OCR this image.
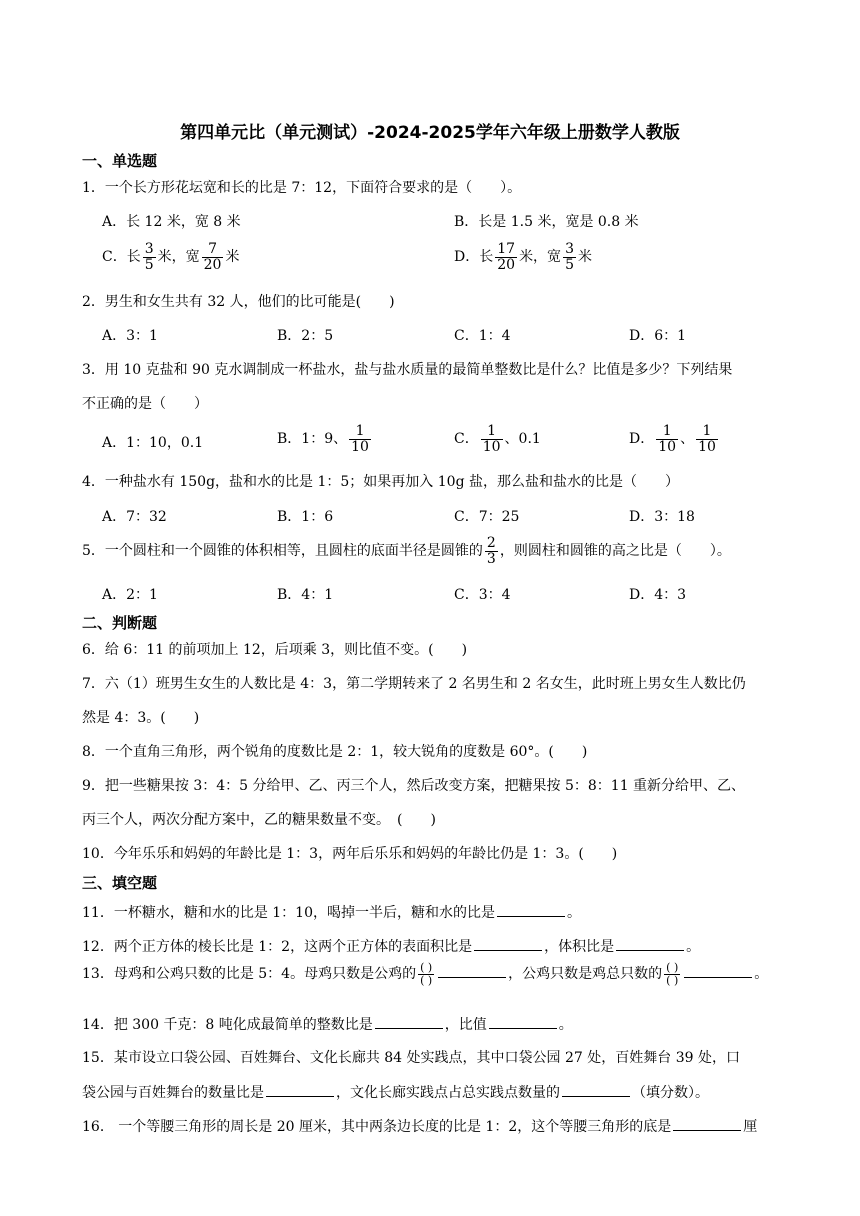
第四单元比（单元测试）-2024-2025学年六年级上册数学人教版
一、单选题
1．一个长方形花坛宽和长的比是 7：12，下面符合要求的是（　　）。
A．长 12 米，宽 8 米	B．长是 1.5 米，宽是 0.8 米
C．长 $\frac{3}{5}$ 米，宽 $\frac{7}{20}$ 米	D．长 $\frac{17}{20}$ 米，宽 $\frac{3}{5}$ 米
2．男生和女生共有 32 人，他们的比可能是(　　)
A．3：1	B．2：5	C．1：4	D．6：1
3．用 10 克盐和 90 克水调制成一杯盐水，盐与盐水质量的最简单整数比是什么？比值是多少？下列结果
不正确的是（　　）
A．1：10，0.1	B．1：9、 $\frac{1}{10}$	C． $\frac{1}{10}$ 、0.1	D． $\frac{1}{10}$ 、 $\frac{1}{10}$
4．一种盐水有 150g，盐和水的比是 1：5；如果再加入 10g 盐，那么盐和盐水的比是（　　）
A．7：32	B．1：6	C．7：25	D．3：18
5．一个圆柱和一个圆锥的体积相等，且圆柱的底面半径是圆锥的 $\frac{2}{3}$ ，则圆柱和圆锥的高之比是（　　）。
A．2：1	B．4：1	C．3：4	D．4：3
二、判断题
6．给 6：11 的前项加上 12，后项乘 3，则比值不变。(　　)
7．六（1）班男生女生的人数比是 4：3，第二学期转来了 2 名男生和 2 名女生，此时班上男女生人数比仍
然是 4：3。(　　)
8．一个直角三角形，两个锐角的度数比是 2：1，较大锐角的度数是 60°。(　　)
9．把一些糖果按 3：4：5 分给甲、乙、丙三个人，然后改变方案，把糖果按 5：8：11 重新分给甲、乙、
丙三个人，两次分配方案中，乙的糖果数量不变。　(　　)
10．今年乐乐和妈妈的年龄比是 1：3，两年后乐乐和妈妈的年龄比仍是 1：3。(　　)
三、填空题
11．一杯糖水，糖和水的比是 1：10，喝掉一半后，糖和水的比是	。
12．两个正方体的棱长比是 1：2，这两个正方体的表面积比是	，体积比是	。
13．母鸡和公鸡只数的比是 5：4。母鸡只数是公鸡的 $\frac{( )}{( )}$	，公鸡只数是鸡总只数的 $\frac{( )}{( )}$	。
14．把 300 千克：8 吨化成最简单的整数比是	，比值	。
15．某市设立口袋公园、百姓舞台、文化长廊共 84 处实践点，其中口袋公园 27 处，百姓舞台 39 处，口
袋公园与百姓舞台的数量比是	，文化长廊实践点占总实践点数量的	（填分数）。
16． 一个等腰三角形的周长是 20 厘米，其中两条边长度的比是 1：2，这个等腰三角形的底是	厘
